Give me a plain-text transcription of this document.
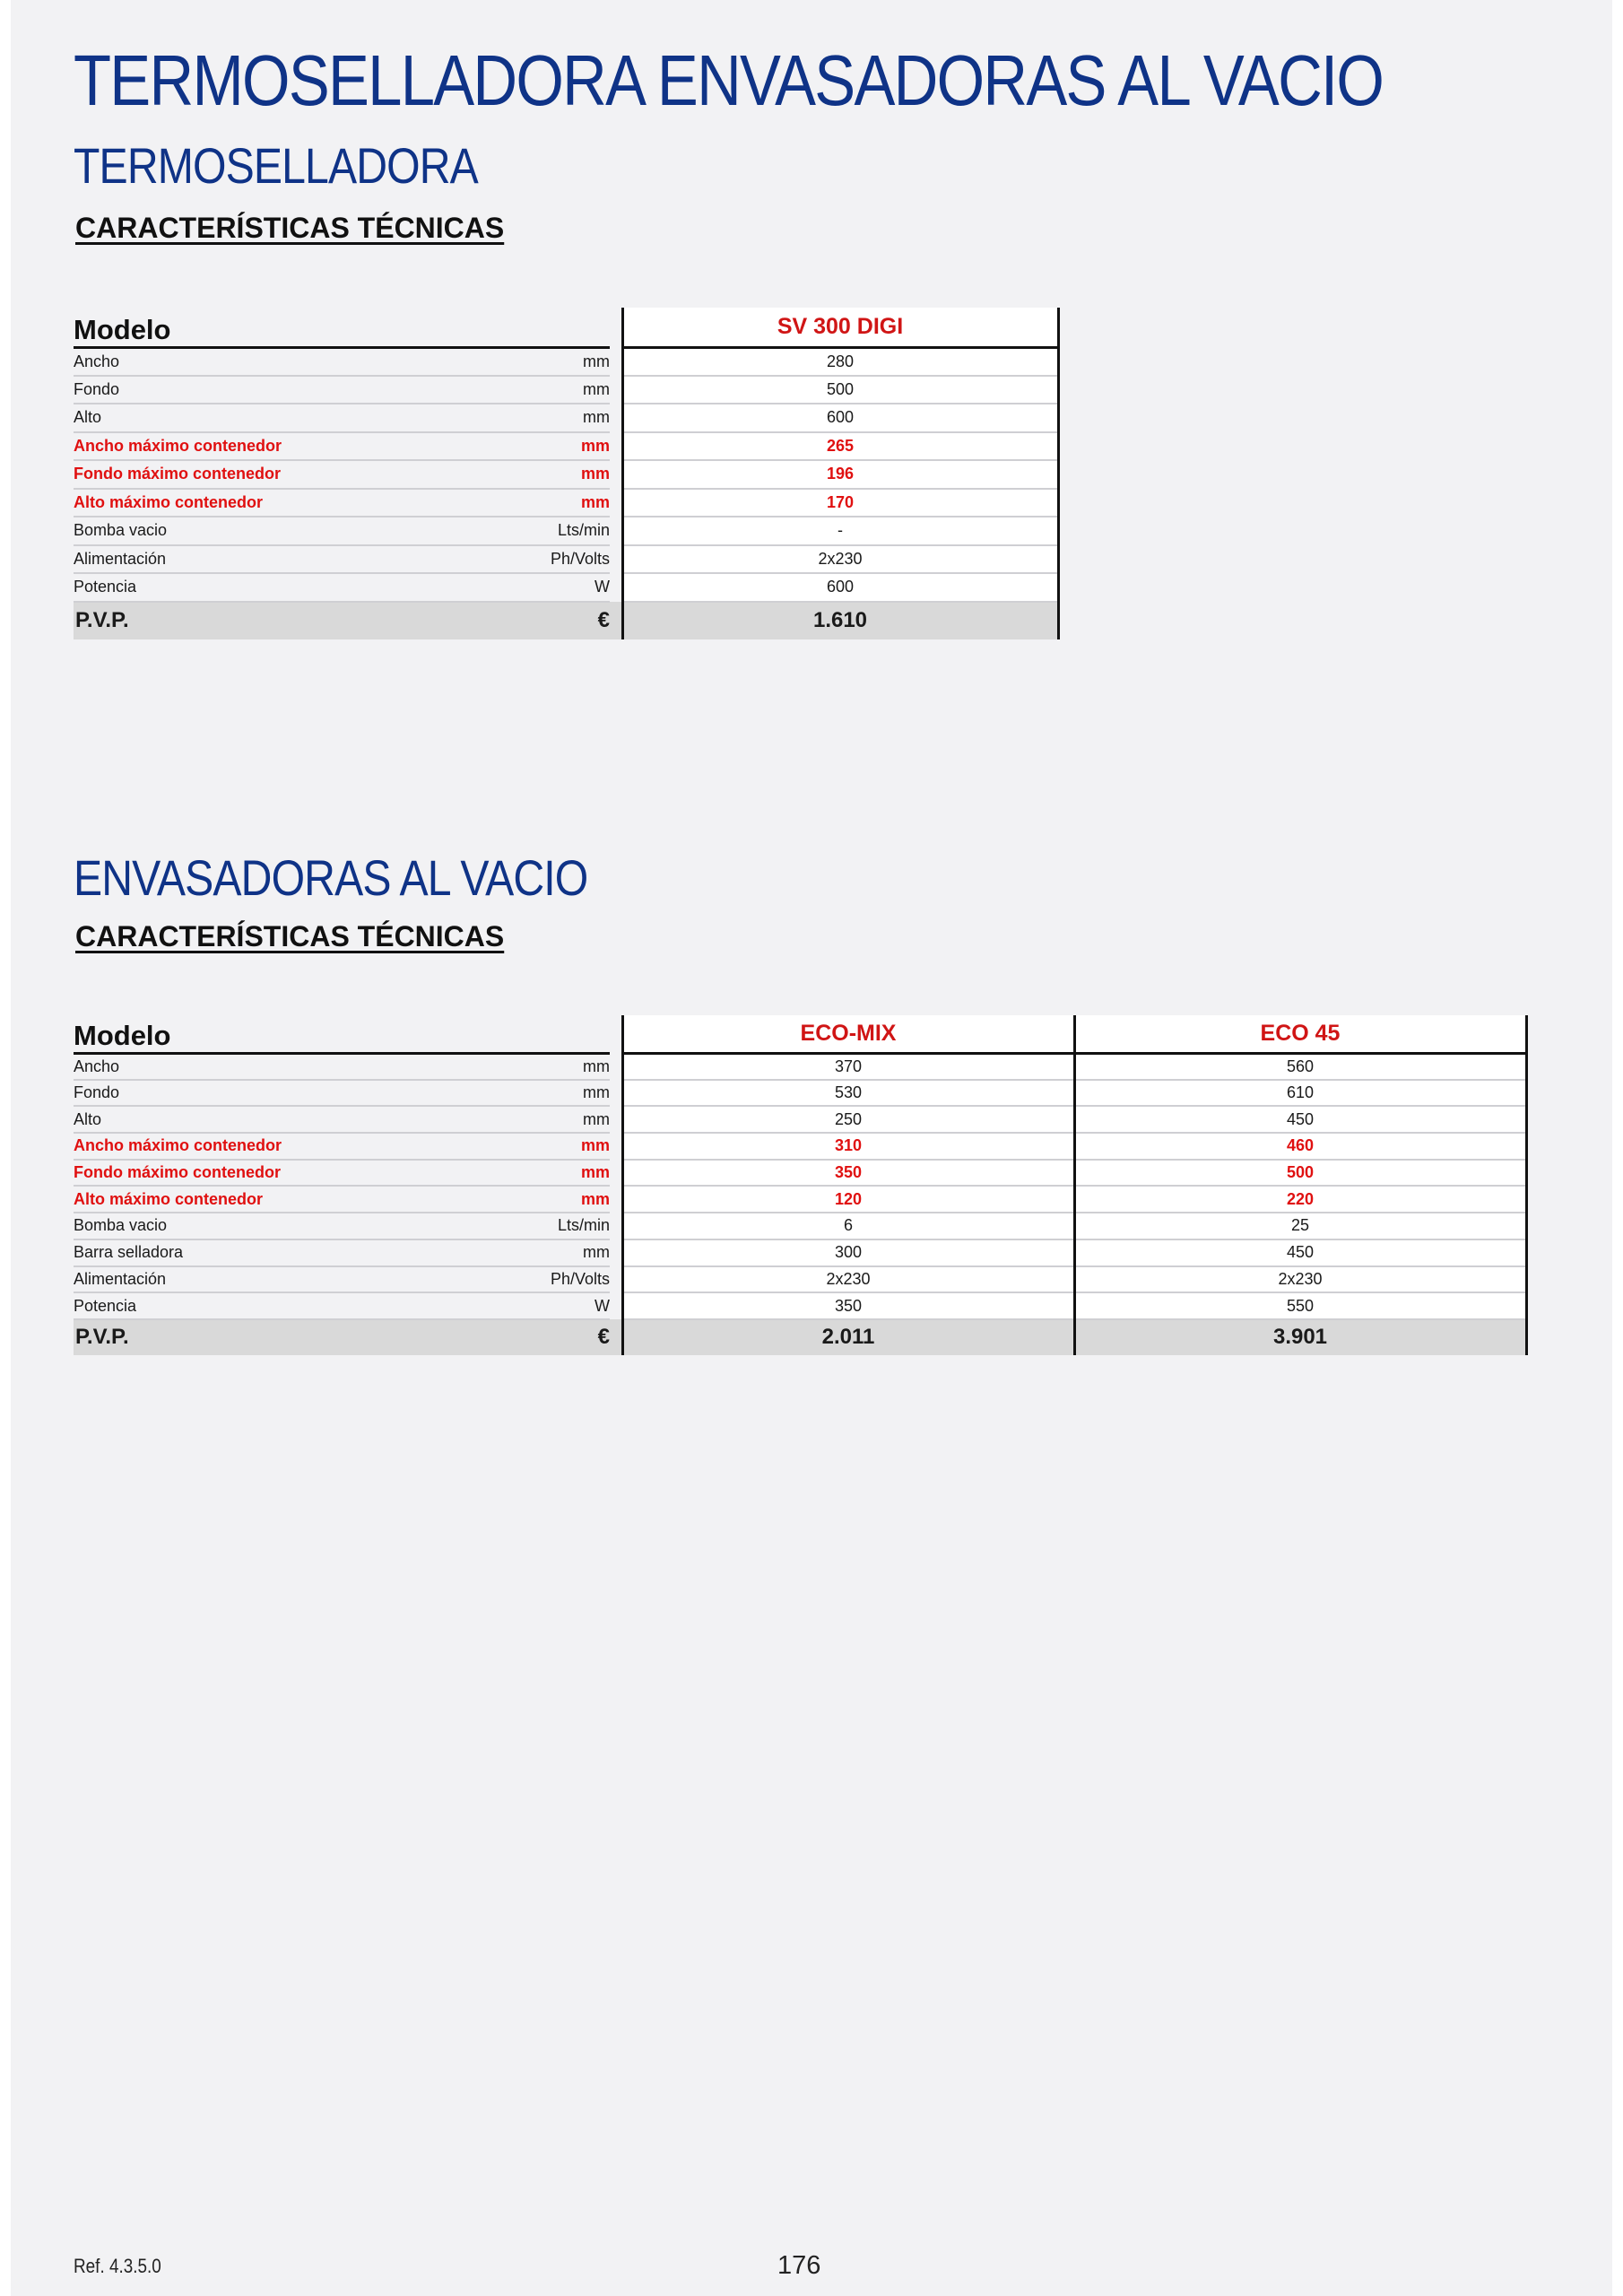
TERMOSELLADORA ENVASADORAS AL VACIO
TERMOSELLADORA
CARACTERÍSTICAS TÉCNICAS
Modelo			SV 300 DIGI
Ancho	mm		280
Fondo	mm		500
Alto	mm		600
Ancho máximo contenedor	mm		265
Fondo máximo contenedor	mm		196
Alto máximo contenedor	mm		170
Bomba vacio	Lts/min		-
Alimentación	Ph/Volts		2x230
Potencia	W		600
P.V.P.	€		1.610
ENVASADORAS AL VACIO
CARACTERÍSTICAS TÉCNICAS
Modelo			ECO-MIX	ECO 45
Ancho	mm		370	560
Fondo	mm		530	610
Alto	mm		250	450
Ancho máximo contenedor	mm		310	460
Fondo máximo contenedor	mm		350	500
Alto máximo contenedor	mm		120	220
Bomba vacio	Lts/min		6	25
Barra selladora	mm		300	450
Alimentación	Ph/Volts		2x230	2x230
Potencia	W		350	550
P.V.P.	€		2.011	3.901
Ref. 4.3.5.0	176
